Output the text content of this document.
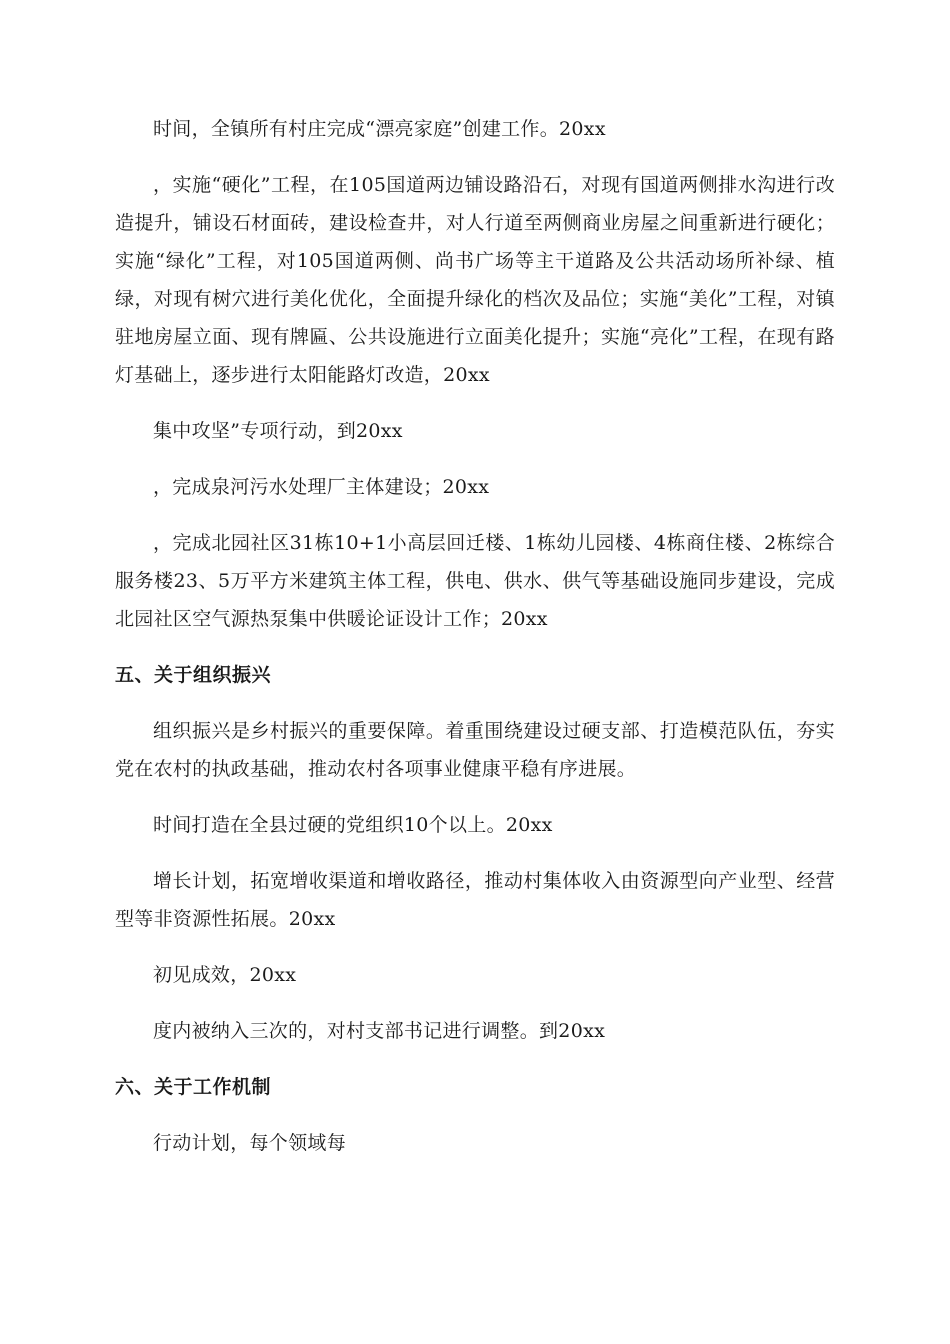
时间，全镇所有村庄完成“漂亮家庭”创建工作。20xx

，实施“硬化”工程，在105国道两边铺设路沿石，对现有国道两侧排水沟进行改造提升，铺设石材面砖，建设检查井，对人行道至两侧商业房屋之间重新进行硬化；实施“绿化”工程，对105国道两侧、尚书广场等主干道路及公共活动场所补绿、植绿，对现有树穴进行美化优化，全面提升绿化的档次及品位；实施“美化”工程，对镇驻地房屋立面、现有牌匾、公共设施进行立面美化提升；实施“亮化”工程，在现有路灯基础上，逐步进行太阳能路灯改造，20xx

集中攻坚”专项行动，到20xx

，完成泉河污水处理厂主体建设；20xx

，完成北园社区31栋10+1小高层回迁楼、1栋幼儿园楼、4栋商住楼、2栋综合服务楼23、5万平方米建筑主体工程，供电、供水、供气等基础设施同步建设，完成北园社区空气源热泵集中供暖论证设计工作；20xx

五、关于组织振兴

组织振兴是乡村振兴的重要保障。着重围绕建设过硬支部、打造模范队伍，夯实党在农村的执政基础，推动农村各项事业健康平稳有序进展。

时间打造在全县过硬的党组织10个以上。20xx

增长计划，拓宽增收渠道和增收路径，推动村集体收入由资源型向产业型、经营型等非资源性拓展。20xx

初见成效，20xx

度内被纳入三次的，对村支部书记进行调整。到20xx

六、关于工作机制

行动计划，每个领域每
